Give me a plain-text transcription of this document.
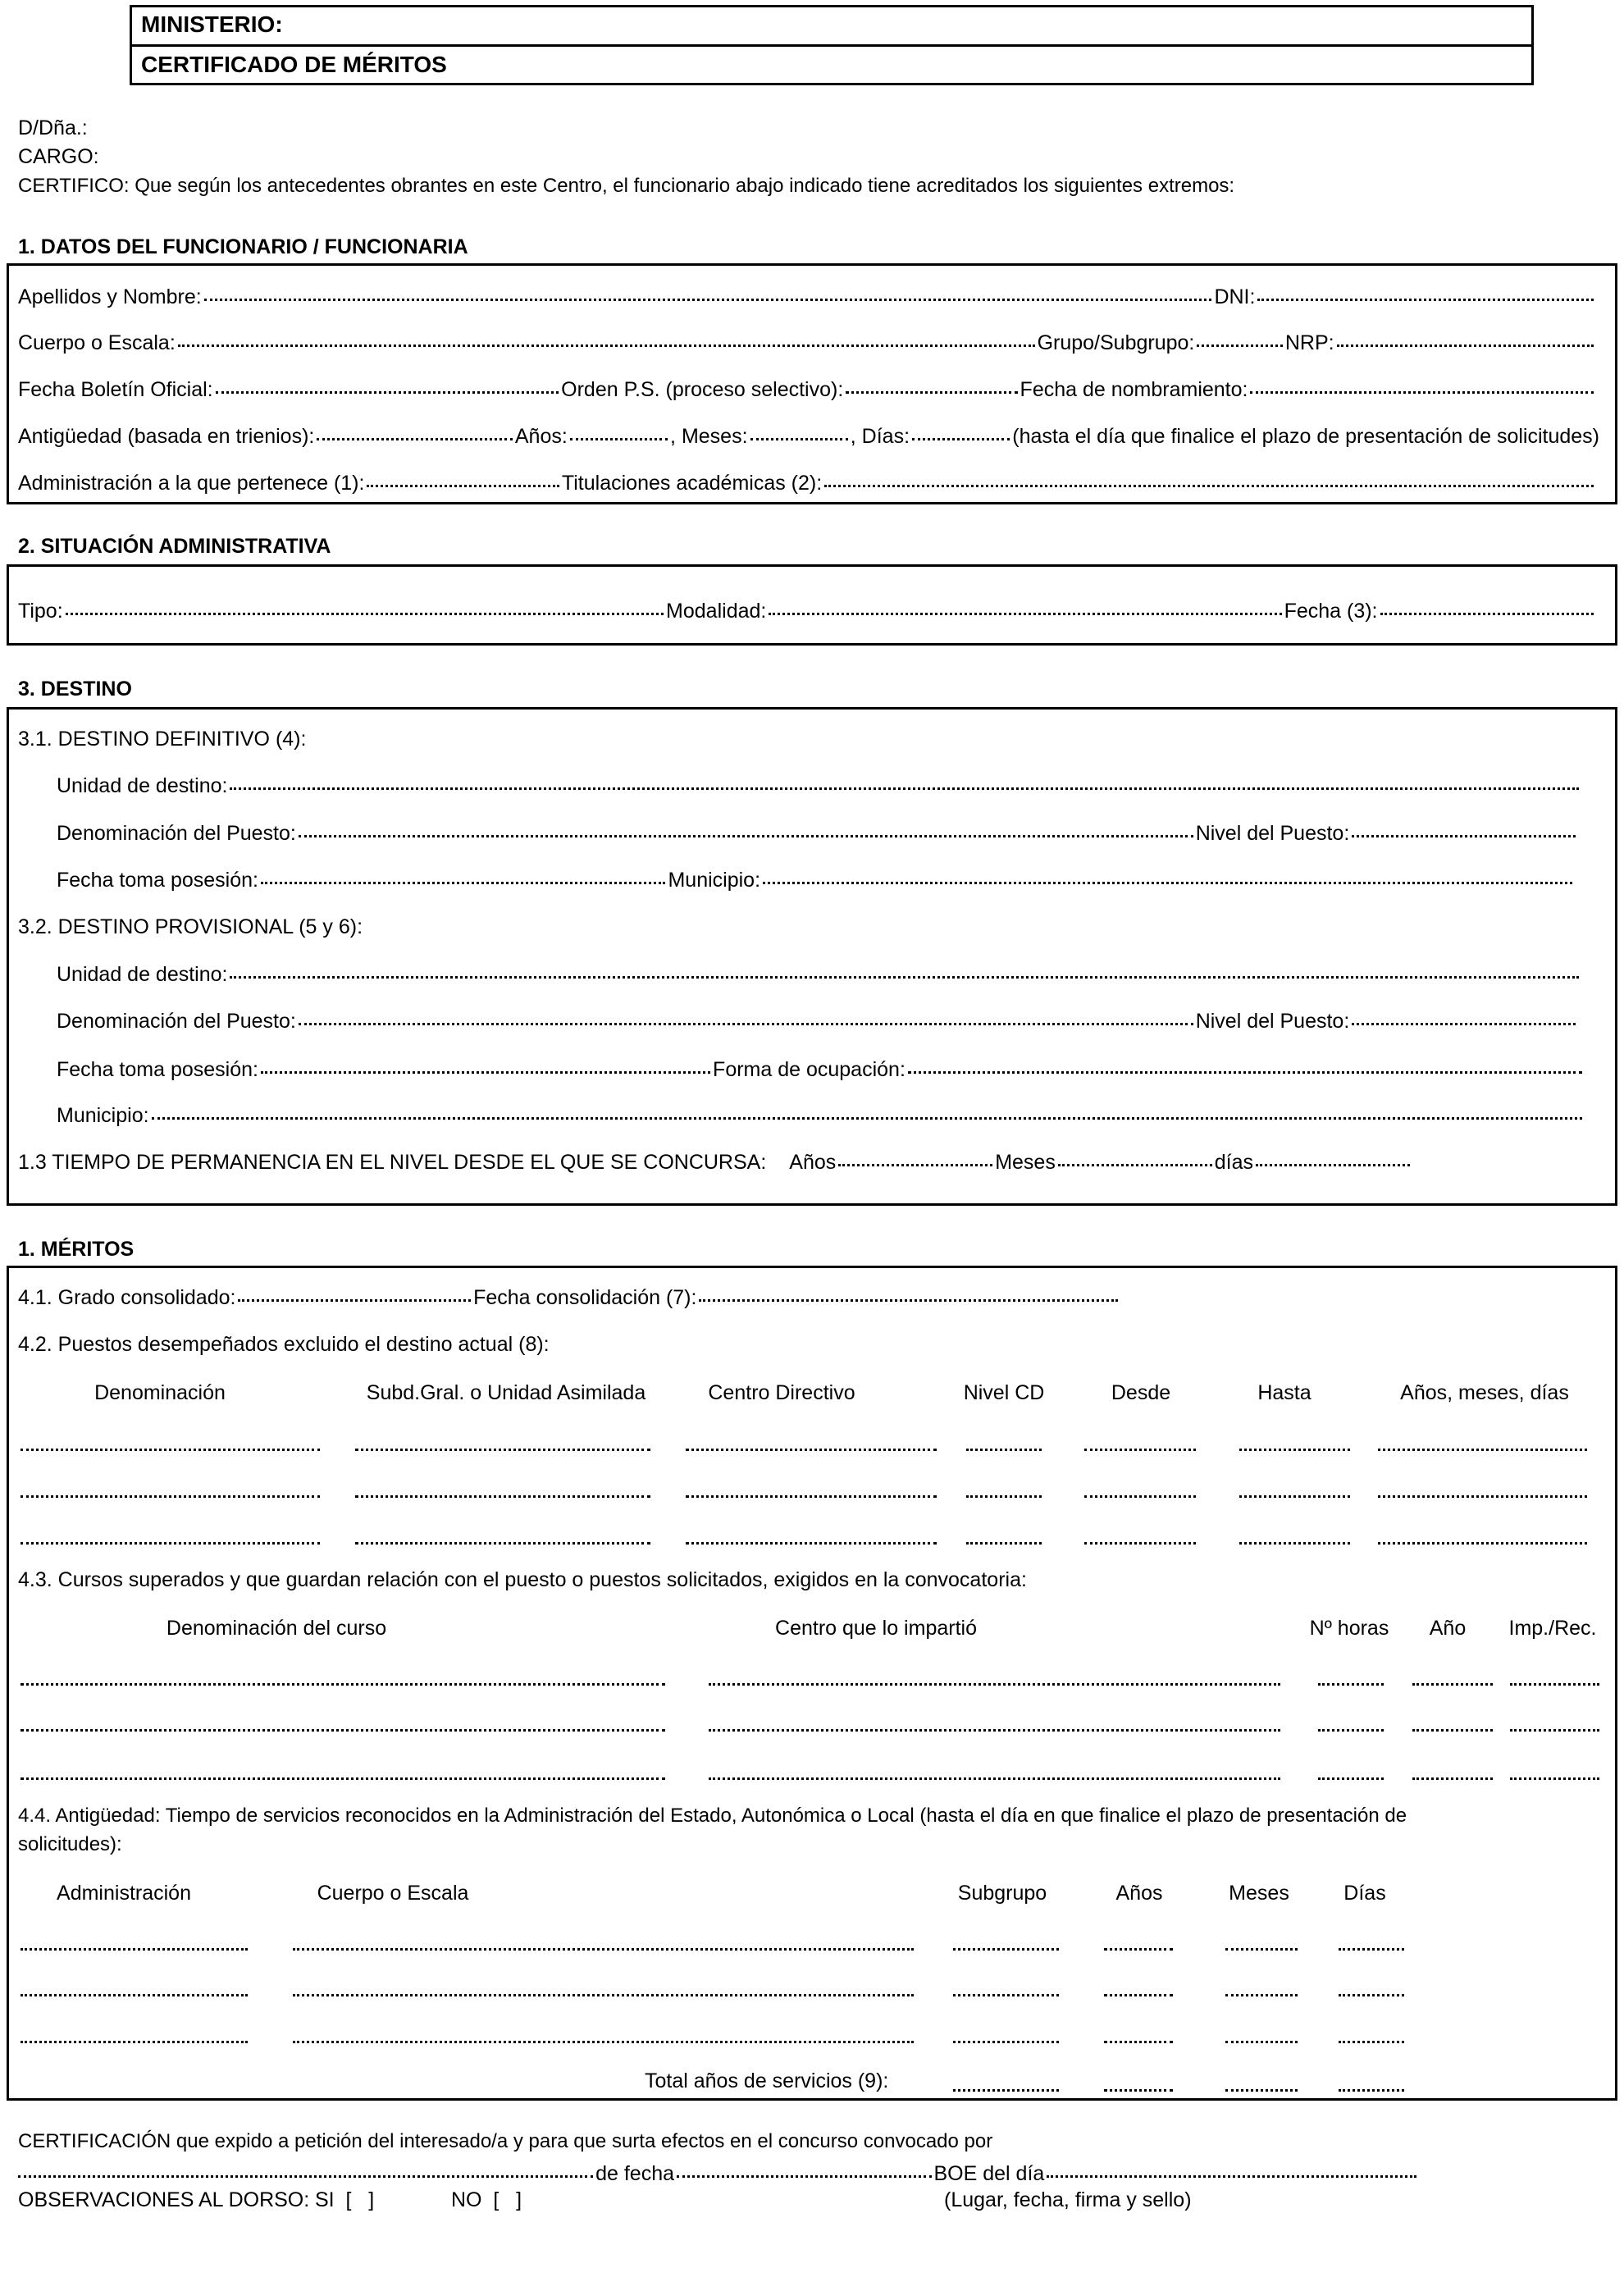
MINISTERIO:
CERTIFICADO DE MÉRITOS
D/Dña.:
CARGO:
CERTIFICO: Que según los antecedentes obrantes en este Centro, el funcionario abajo indicado tiene acreditados los siguientes extremos:
1. DATOS DEL FUNCIONARIO / FUNCIONARIA
Apellidos y Nombre:	DNI:
Cuerpo o Escala:	Grupo/Subgrupo:	NRP:
Fecha Boletín Oficial:	Orden P.S. (proceso selectivo):	Fecha de nombramiento:
Antigüedad (basada en trienios):	Años:	, Meses:	, Días:	(hasta el día que finalice el plazo de presentación de solicitudes)
Administración a la que pertenece (1):	Titulaciones académicas (2):
2. SITUACIÓN ADMINISTRATIVA
Tipo:	Modalidad:	Fecha (3):
3. DESTINO
3.1. DESTINO DEFINITIVO (4):
Unidad de destino:
Denominación del Puesto:	Nivel del Puesto:
Fecha toma posesión:	Municipio:
3.2. DESTINO PROVISIONAL (5 y 6):
Unidad de destino:
Denominación del Puesto:	Nivel del Puesto:
Fecha toma posesión:	Forma de ocupación:
Municipio:
1.3 TIEMPO DE PERMANENCIA EN EL NIVEL DESDE EL QUE SE CONCURSA: Años	Meses	días
1. MÉRITOS
4.1. Grado consolidado:	Fecha consolidación (7):
4.2. Puestos desempeñados excluido el destino actual (8):
Denominación	Subd.Gral. o Unidad Asimilada	Centro Directivo	Nivel CD	Desde	Hasta	Años, meses, días
4.3. Cursos superados y que guardan relación con el puesto o puestos solicitados, exigidos en la convocatoria:
Denominación del curso	Centro que lo impartió	Nº horas Año Imp./Rec.
4.4. Antigüedad: Tiempo de servicios reconocidos en la Administración del Estado, Autonómica o Local (hasta el día en que finalice el plazo de presentación de
solicitudes):
Administración	Cuerpo o Escala	Subgrupo	Años	Meses	Días
Total años de servicios (9):
CERTIFICACIÓN que expido a petición del interesado/a y para que surta efectos en el concurso convocado por
de fecha	BOE del día
OBSERVACIONES AL DORSO: SI  [   ]	NO  [   ]	(Lugar, fecha, firma y sello)
